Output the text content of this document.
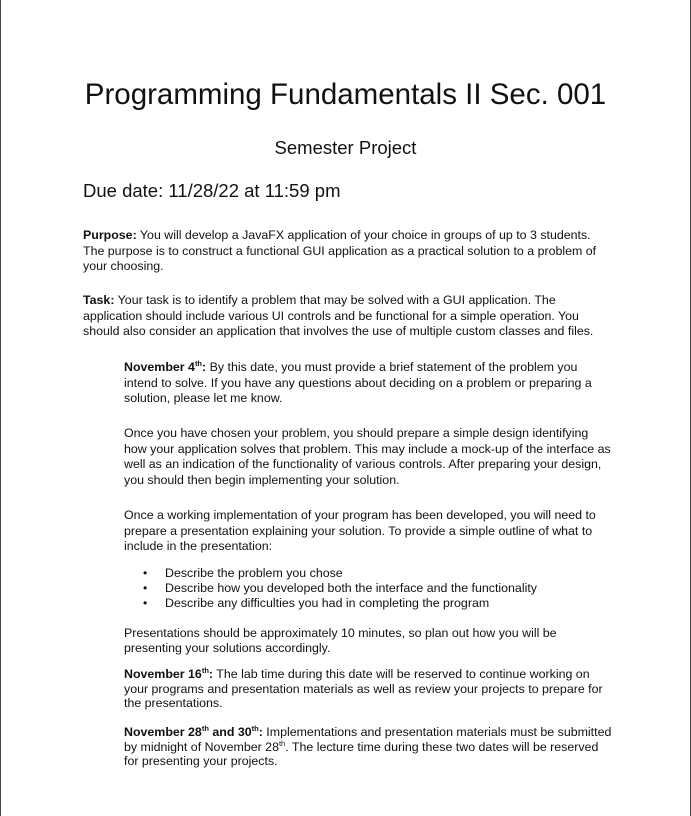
Programming Fundamentals II Sec. 001
Semester Project
Due date: 11/28/22 at 11:59 pm

Purpose: You will develop a JavaFX application of your choice in groups of up to 3 students. The purpose is to construct a functional GUI application as a practical solution to a problem of your choosing.

Task: Your task is to identify a problem that may be solved with a GUI application. The application should include various UI controls and be functional for a simple operation. You should also consider an application that involves the use of multiple custom classes and files.

November 4th: By this date, you must provide a brief statement of the problem you intend to solve. If you have any questions about deciding on a problem or preparing a solution, please let me know.

Once you have chosen your problem, you should prepare a simple design identifying how your application solves that problem. This may include a mock-up of the interface as well as an indication of the functionality of various controls. After preparing your design, you should then begin implementing your solution.

Once a working implementation of your program has been developed, you will need to prepare a presentation explaining your solution. To provide a simple outline of what to include in the presentation:

• Describe the problem you chose
• Describe how you developed both the interface and the functionality
• Describe any difficulties you had in completing the program

Presentations should be approximately 10 minutes, so plan out how you will be presenting your solutions accordingly.

November 16th: The lab time during this date will be reserved to continue working on your programs and presentation materials as well as review your projects to prepare for the presentations.

November 28th and 30th: Implementations and presentation materials must be submitted by midnight of November 28th. The lecture time during these two dates will be reserved for presenting your projects.
